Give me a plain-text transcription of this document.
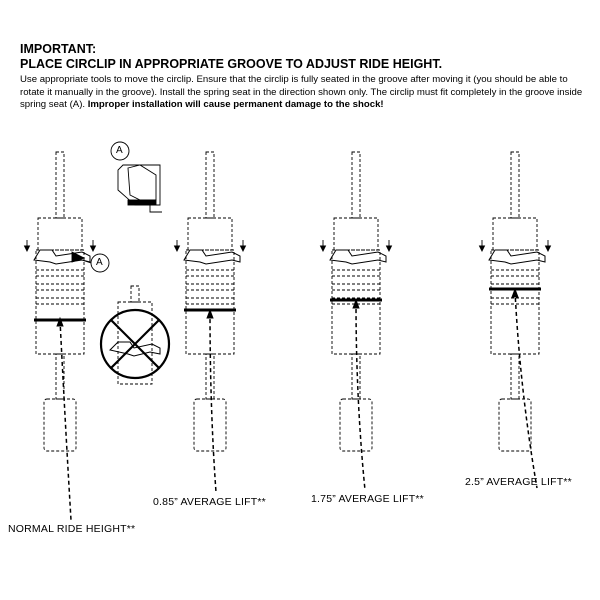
IMPORTANT:
PLACE CIRCLIP IN APPROPRIATE GROOVE TO ADJUST RIDE HEIGHT.
Use appropriate tools to move the circlip. Ensure that the circlip is fully seated in the groove after moving it (you should be able to rotate it manually in the groove). Install the spring seat in the direction shown only. The circlip must fit completely in the groove inside spring seat (A). Improper installation will cause permanent damage to the shock!
A
A
NORMAL RIDE HEIGHT**
0.85” AVERAGE LIFT**	1.75” AVERAGE LIFT**
2.5” AVERAGE LIFT**
